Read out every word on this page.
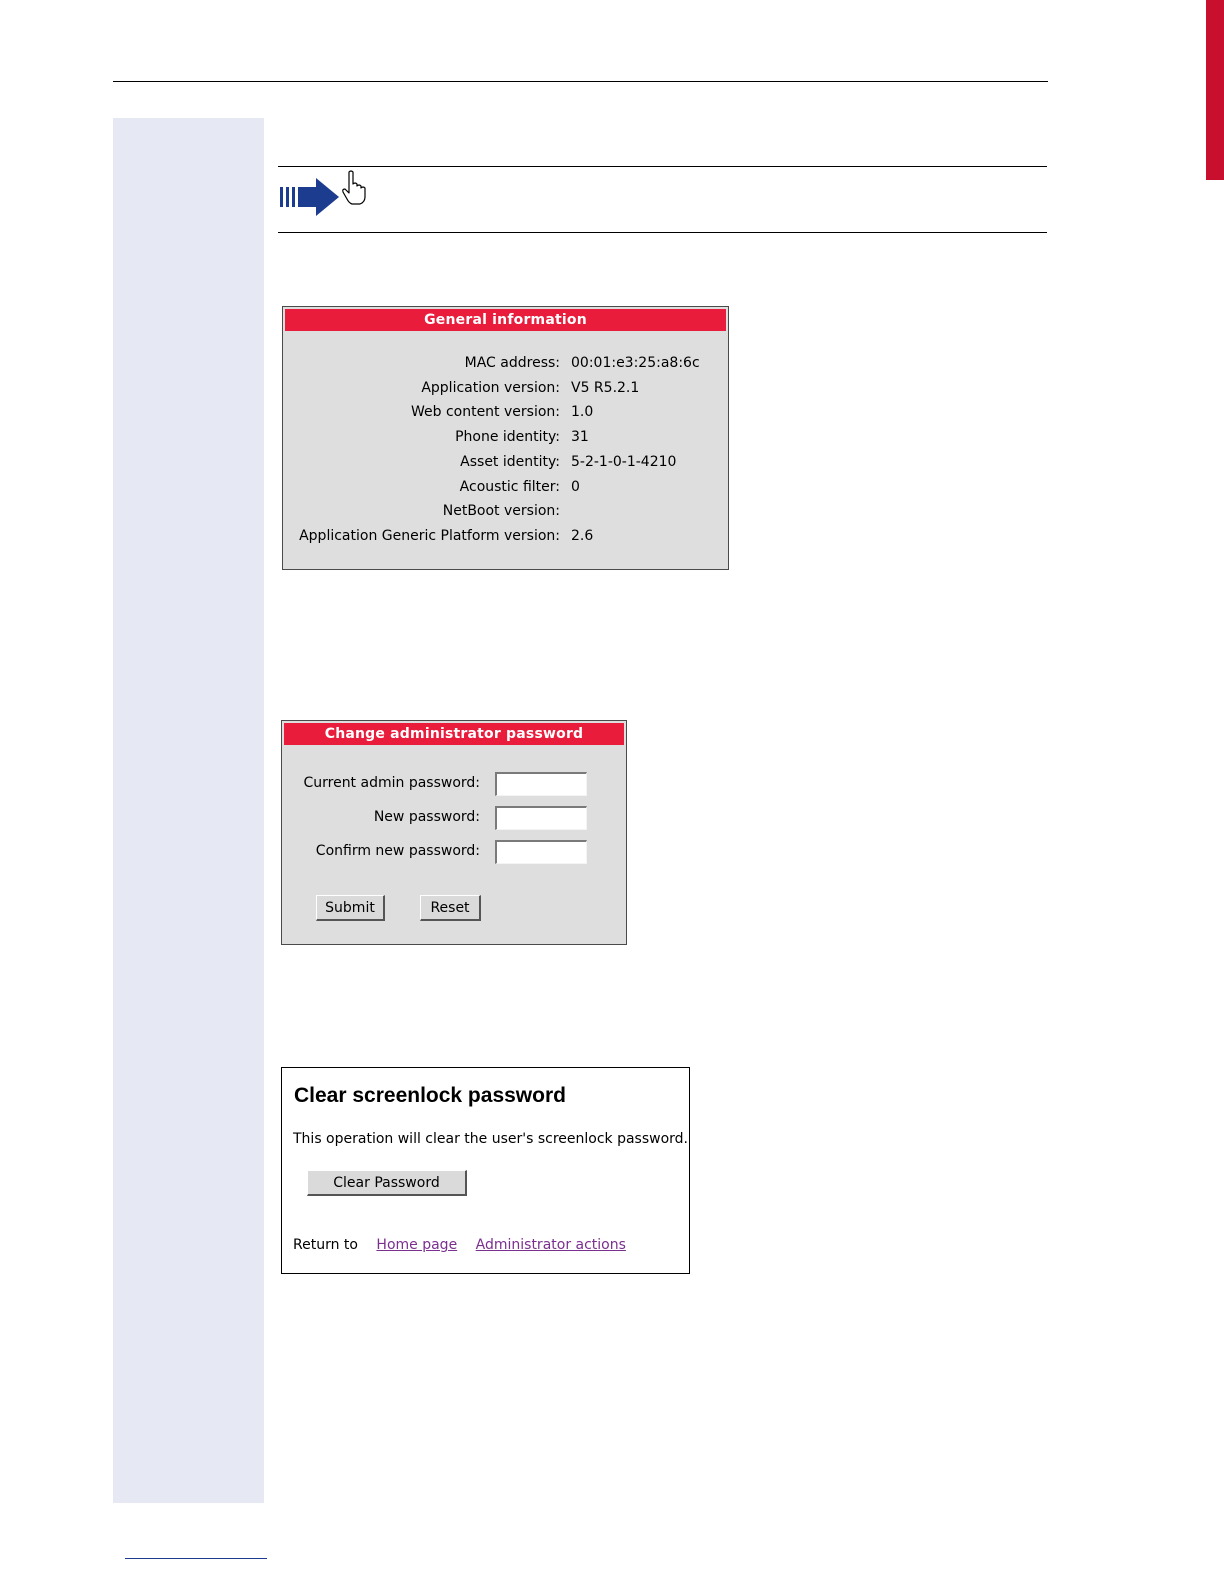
General information
MAC address: 00:01:e3:25:a8:6c
Application version: V5 R5.2.1
Web content version: 1.0
Phone identity: 31
Asset identity: 5-2-1-0-1-4210
Acoustic filter: 0
NetBoot version:
Application Generic Platform version: 2.6
Change administrator password
Current admin password:
New password:
Confirm new password:
Submit	Reset
Clear screenlock password
This operation will clear the user's screenlock password.
Clear Password
Return to Home page Administrator actions
